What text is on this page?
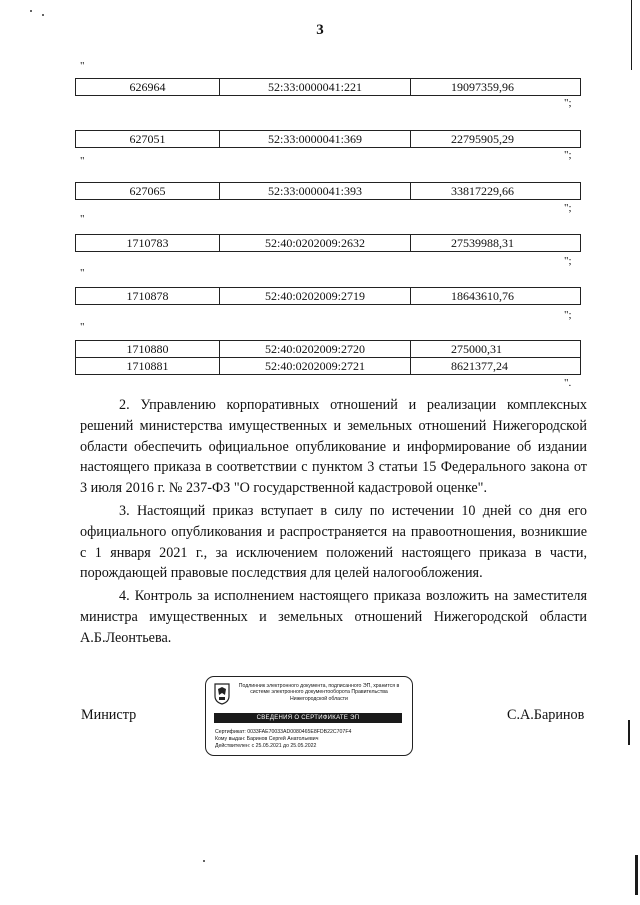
3
"
"
"
"
"
626964	52:33:0000041:221	19097359,96
";
627051	52:33:0000041:369	22795905,29
";
627065	52:33:0000041:393	33817229,66
";
1710783	52:40:0202009:2632	27539988,31
";
1710878	52:40:0202009:2719	18643610,76
";
1710880	52:40:0202009:2720	275000,31
1710881	52:40:0202009:2721	8621377,24
".

2. Управлению корпоративных отношений и реализации комплексных решений министерства имущественных и земельных отношений Нижегородской области обеспечить официальное опубликование и информирование об издании настоящего приказа в соответствии с пунктом 3 статьи 15 Федерального закона от 3 июля 2016 г. № 237-ФЗ "О государственной кадастровой оценке".

3. Настоящий приказ вступает в силу по истечении 10 дней со дня его официального опубликования и распространяется на правоотношения, возникшие с 1 января 2021 г., за исключением положений настоящего приказа в части, порождающей правовые последствия для целей налогообложения.

4. Контроль за исполнением настоящего приказа возложить на заместителя министра имущественных и земельных отношений Нижегородской области А.Б.Леонтьева.

Министр	С.А.Баринов
Подлинник электронного документа, подписанного ЭП, хранится в системе электронного документооборота Правительства Нижегородской области
СВЕДЕНИЯ О СЕРТИФИКАТЕ ЭП
Сертификат: 0033FAE70033AD0080465E8FDB22C707F4
Кому выдан: Баринов Сергей Анатольевич
Действителен: с 25.05.2021 до 25.05.2022
